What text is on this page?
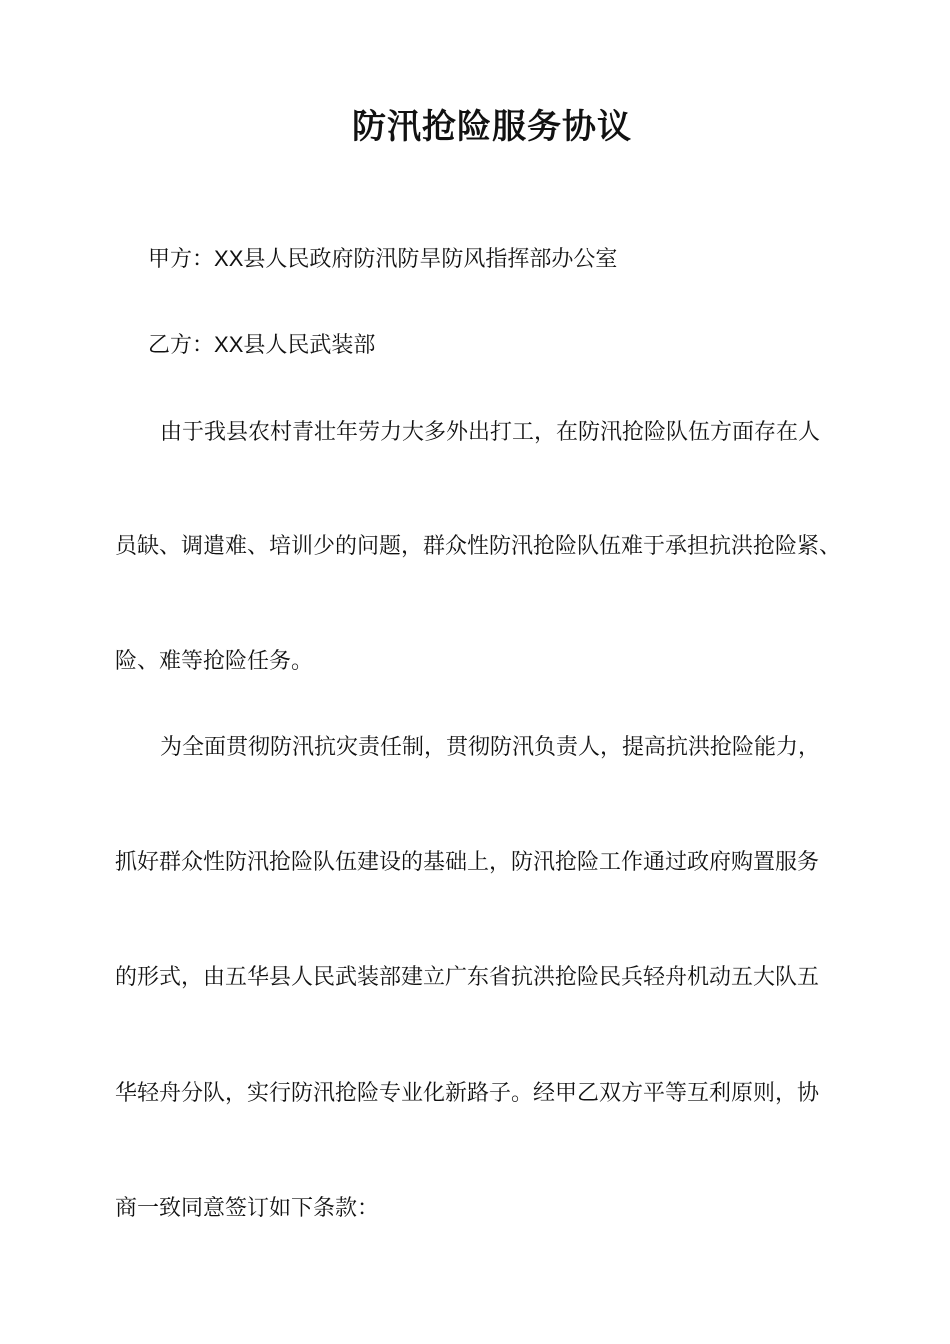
防汛抢险服务协议
甲方：XX县人民政府防汛防旱防风指挥部办公室
乙方：XX县人民武装部
由于我县农村青壮年劳力大多外出打工，在防汛抢险队伍方面存在人
员缺、调遣难、培训少的问题，群众性防汛抢险队伍难于承担抗洪抢险紧、
险、难等抢险任务。
为全面贯彻防汛抗灾责任制，贯彻防汛负责人，提高抗洪抢险能力，
抓好群众性防汛抢险队伍建设的基础上，防汛抢险工作通过政府购置服务
的形式，由五华县人民武装部建立广东省抗洪抢险民兵轻舟机动五大队五
华轻舟分队，实行防汛抢险专业化新路子。经甲乙双方平等互利原则，协
商一致同意签订如下条款：
